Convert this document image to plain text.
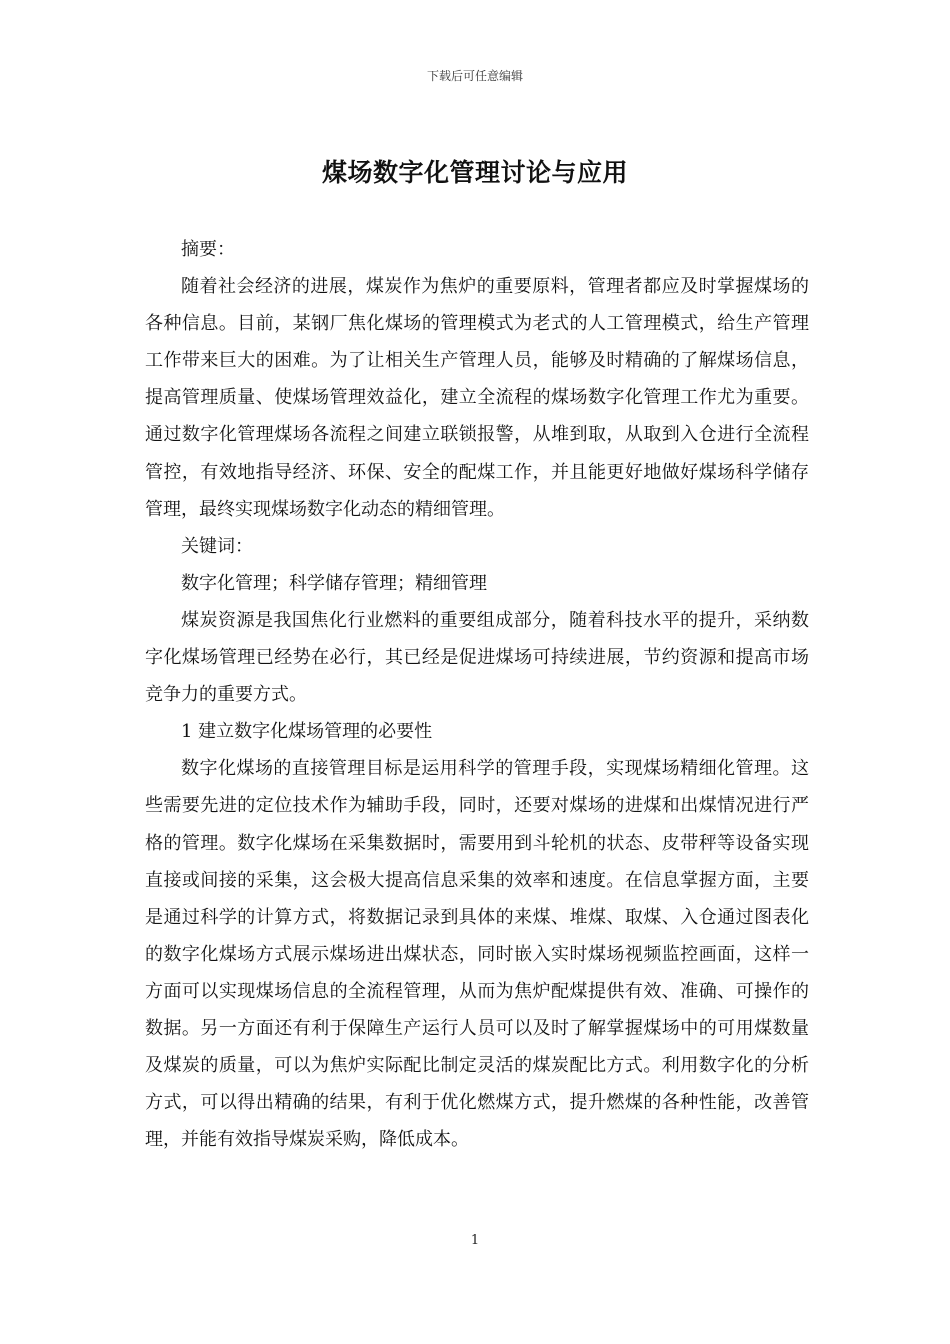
下载后可任意编辑
煤场数字化管理讨论与应用

摘要：

随着社会经济的进展，煤炭作为焦炉的重要原料，管理者都应及时掌握煤场的各种信息。目前，某钢厂焦化煤场的管理模式为老式的人工管理模式，给生产管理工作带来巨大的困难。为了让相关生产管理人员，能够及时精确的了解煤场信息，提高管理质量、使煤场管理效益化，建立全流程的煤场数字化管理工作尤为重要。通过数字化管理煤场各流程之间建立联锁报警，从堆到取，从取到入仓进行全流程管控，有效地指导经济、环保、安全的配煤工作，并且能更好地做好煤场科学储存管理，最终实现煤场数字化动态的精细管理。

关键词：

数字化管理；科学储存管理；精细管理

煤炭资源是我国焦化行业燃料的重要组成部分，随着科技水平的提升，采纳数字化煤场管理已经势在必行，其已经是促进煤场可持续进展，节约资源和提高市场竞争力的重要方式。

1 建立数字化煤场管理的必要性

数字化煤场的直接管理目标是运用科学的管理手段，实现煤场精细化管理。这些需要先进的定位技术作为辅助手段，同时，还要对煤场的进煤和出煤情况进行严格的管理。数字化煤场在采集数据时，需要用到斗轮机的状态、皮带秤等设备实现直接或间接的采集，这会极大提高信息采集的效率和速度。在信息掌握方面，主要是通过科学的计算方式，将数据记录到具体的来煤、堆煤、取煤、入仓通过图表化的数字化煤场方式展示煤场进出煤状态，同时嵌入实时煤场视频监控画面，这样一方面可以实现煤场信息的全流程管理，从而为焦炉配煤提供有效、准确、可操作的数据。另一方面还有利于保障生产运行人员可以及时了解掌握煤场中的可用煤数量及煤炭的质量，可以为焦炉实际配比制定灵活的煤炭配比方式。利用数字化的分析方式，可以得出精确的结果，有利于优化燃煤方式，提升燃煤的各种性能，改善管理，并能有效指导煤炭采购，降低成本。

1
